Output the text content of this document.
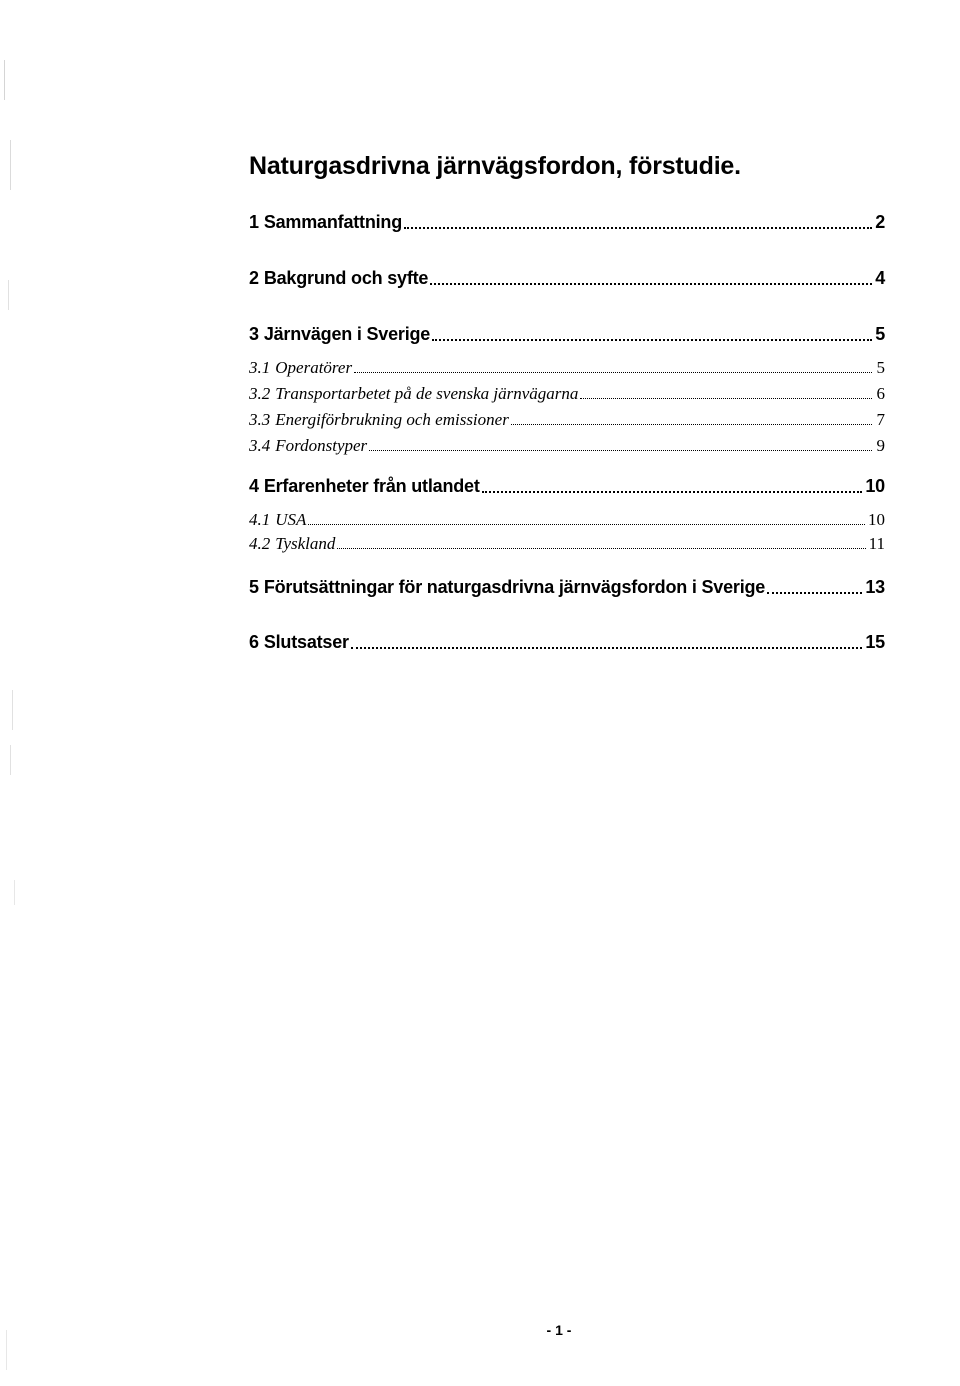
Naturgasdrivna järnvägsfordon, förstudie.
1 Sammanfattning	2
2 Bakgrund och syfte	4
3 Järnvägen i Sverige	5
3.1 Operatörer	5
3.2 Transportarbetet på de svenska järnvägarna	6
3.3 Energiförbrukning och emissioner	7
3.4 Fordonstyper	9
4 Erfarenheter från utlandet	10
4.1 USA	10
4.2 Tyskland	11
5 Förutsättningar för naturgasdrivna järnvägsfordon i Sverige	13
6 Slutsatser	15
- 1 -
